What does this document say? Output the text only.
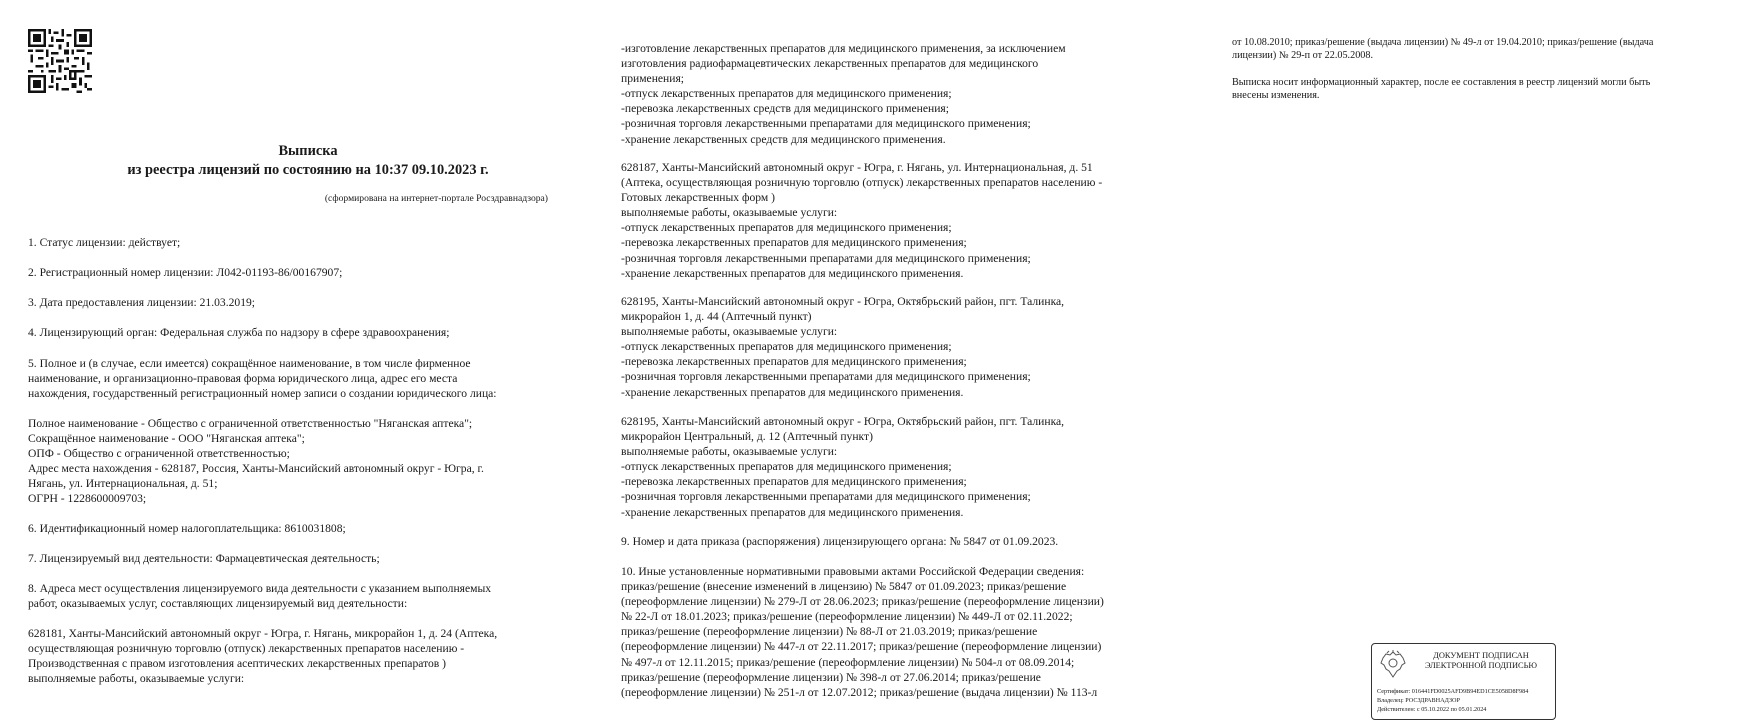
Выписка
из реестра лицензий по состоянию на 10:37 09.10.2023 г.
(сформирована на интернет-портале Росздравнадзора)

1. Статус лицензии: действует;

2. Регистрационный номер лицензии: Л042-01193-86/00167907;

3. Дата предоставления лицензии: 21.03.2019;

4. Лицензирующий орган: Федеральная служба по надзору в сфере здравоохранения;

5. Полное и (в случае, если имеется) сокращённое наименование, в том числе фирменное

наименование, и организационно-правовая форма юридического лица, адрес его места

нахождения, государственный регистрационный номер записи о создании юридического лица:

Полное наименование - Общество с ограниченной ответственностью "Няганская аптека";

Сокращённое наименование - ООО "Няганская аптека";

ОПФ - Общество с ограниченной ответственностью;

Адрес места нахождения - 628187, Россия, Ханты-Мансийский автономный округ - Югра, г.

Нягань, ул. Интернациональная, д. 51;

ОГРН - 1228600009703;

6. Идентификационный номер налогоплательщика: 8610031808;

7. Лицензируемый вид деятельности: Фармацевтическая деятельность;

8. Адреса мест осуществления лицензируемого вида деятельности с указанием выполняемых

работ, оказываемых услуг, составляющих лицензируемый вид деятельности:

628181, Ханты-Мансийский автономный округ - Югра, г. Нягань, микрорайон 1, д. 24 (Аптека,

осуществляющая розничную торговлю (отпуск) лекарственных препаратов населению -

Производственная с правом изготовления асептических лекарственных препаратов )

выполняемые работы, оказываемые услуги:

-изготовление лекарственных препаратов для медицинского применения, за исключением

изготовления радиофармацевтических лекарственных препаратов для медицинского

применения;

-отпуск лекарственных препаратов для медицинского применения;

-перевозка лекарственных средств для медицинского применения;

-розничная торговля лекарственными препаратами для медицинского применения;

-хранение лекарственных средств для медицинского применения.

628187, Ханты-Мансийский автономный округ - Югра, г. Нягань, ул. Интернациональная, д. 51

(Аптека, осуществляющая розничную торговлю (отпуск) лекарственных препаратов населению -

Готовых лекарственных форм )

выполняемые работы, оказываемые услуги:

-отпуск лекарственных препаратов для медицинского применения;

-перевозка лекарственных препаратов для медицинского применения;

-розничная торговля лекарственными препаратами для медицинского применения;

-хранение лекарственных препаратов для медицинского применения.

628195, Ханты-Мансийский автономный округ - Югра, Октябрьский район, пгт. Талинка,

микрорайон 1, д. 44 (Аптечный пункт)

выполняемые работы, оказываемые услуги:

-отпуск лекарственных препаратов для медицинского применения;

-перевозка лекарственных препаратов для медицинского применения;

-розничная торговля лекарственными препаратами для медицинского применения;

-хранение лекарственных препаратов для медицинского применения.

628195, Ханты-Мансийский автономный округ - Югра, Октябрьский район, пгт. Талинка,

микрорайон Центральный, д. 12 (Аптечный пункт)

выполняемые работы, оказываемые услуги:

-отпуск лекарственных препаратов для медицинского применения;

-перевозка лекарственных препаратов для медицинского применения;

-розничная торговля лекарственными препаратами для медицинского применения;

-хранение лекарственных препаратов для медицинского применения.

9. Номер и дата приказа (распоряжения) лицензирующего органа: № 5847 от 01.09.2023.

10. Иные установленные нормативными правовыми актами Российской Федерации сведения:

приказ/решение (внесение изменений в лицензию) № 5847 от 01.09.2023; приказ/решение

(переоформление лицензии) № 279-Л от 28.06.2023; приказ/решение (переоформление лицензии)

№ 22-Л от 18.01.2023; приказ/решение (переоформление лицензии) № 449-Л от 02.11.2022;

приказ/решение (переоформление лицензии) № 88-Л от 21.03.2019; приказ/решение

(переоформление лицензии) № 447-л от 22.11.2017; приказ/решение (переоформление лицензии)

№ 497-л от 12.11.2015; приказ/решение (переоформление лицензии) № 504-л от 08.09.2014;

приказ/решение (переоформление лицензии) № 398-л от 27.06.2014; приказ/решение

(переоформление лицензии) № 251-л от 12.07.2012; приказ/решение (выдача лицензии) № 113-л

от 10.08.2010; приказ/решение (выдача лицензии) № 49-л от 19.04.2010; приказ/решение (выдача

лицензии) № 29-п от 22.05.2008.

Выписка носит информационный характер, после ее составления в реестр лицензий могли быть

внесены изменения.

ДОКУМЕНТ ПОДПИСАН
ЭЛЕКТРОННОЙ ПОДПИСЬЮ
Сертификат: 016441FD0025AFD9B94ED1CE5058D8F984
Владелец: РОСЗДРАВНАДЗОР
Действителен: с 05.10.2022 по 05.01.2024
